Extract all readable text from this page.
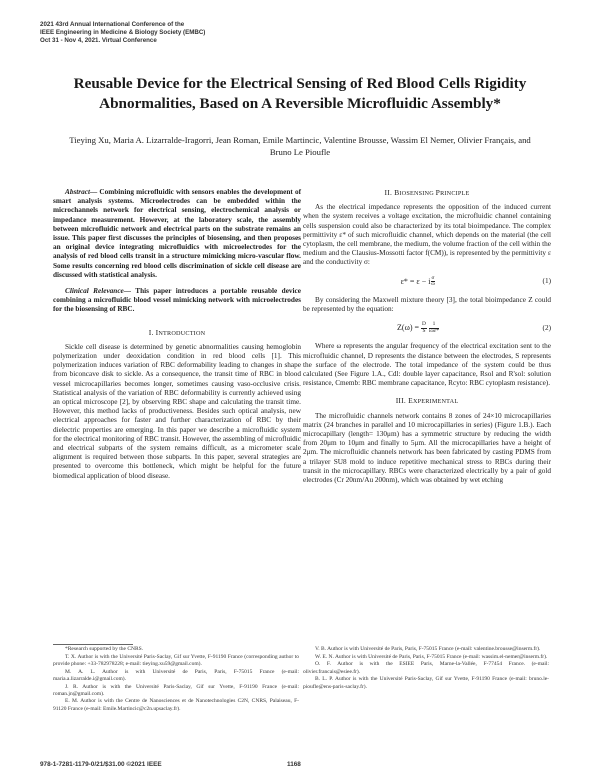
2021 43rd Annual International Conference of the
IEEE Engineering in Medicine & Biology Society (EMBC)
Oct 31 - Nov 4, 2021. Virtual Conference
Reusable Device for the Electrical Sensing of Red Blood Cells Rigidity Abnormalities, Based on A Reversible Microfluidic Assembly*
Tieying Xu, Maria A. Lizarralde-Iragorri, Jean Roman, Emile Martincic, Valentine Brousse, Wassim El Nemer, Olivier Français, and Bruno Le Pioufle

Abstract— Combining microfluidic with sensors enables the development of smart analysis systems. Microelectrodes can be embedded within the microchannels network for electrical sensing, electrochemical analysis or impedance measurement. However, at the laboratory scale, the assembly between microfluidic network and electrical parts on the substrate remains an issue. This paper first discusses the principles of biosensing, and then proposes an original device integrating microfluidics with microelectrodes for the analysis of red blood cells transit in a structure mimicking micro-vascular flow. Some results concerning red blood cells discrimination of sickle cell disease are discussed with statistical analysis.

Clinical Relevance— This paper introduces a portable reusable device combining a microfluidic blood vessel mimicking network with microelectrodes for the biosensing of RBC.

I. INTRODUCTION

Sickle cell disease is determined by genetic abnormalities causing hemoglobin polymerization under deoxidation condition in red blood cells [1]. This polymerization induces variation of RBC deformability leading to changes in shape from biconcave disk to sickle. As a consequence, the transit time of RBC in blood vessel microcapillaries becomes longer, sometimes causing vaso-occlusive crisis. Statistical analysis of the variation of RBC deformability is currently achieved using an optical microscope [2], by observing RBC shape and calculating the transit time. However, this method lacks of productiveness. Besides such optical analysis, new electrical approaches for faster and further characterization of RBC by their dielectric properties are emerging. In this paper we describe a microfluidic system for the electrical monitoring of RBC transit. However, the assembling of microfluidic and electrical subparts of the system remains difficult, as a micrometer scale alignment is required between those subparts. In this paper, several strategies are presented to overcome this bottleneck, which might be helpful for the future biomedical application of blood disease.

II. BIOSENSING PRINCIPLE

As the electrical impedance represents the opposition of the induced current when the system receives a voltage excitation, the microfluidic channel containing cells suspension could also be characterized by its total bioimpedance. The complex permittivity ε* of such microfluidic channel, which depends on the material (the cell cytoplasm, the cell membrane, the medium, the volume fraction of the cell within the medium and the Clausius-Mossotti factor f(CM)), is represented by the permittivity ε and the conductivity σ:

ε* = ε − i $\frac{\sigma}{\omega}$	(1)

By considering the Maxwell mixture theory [3], the total bioimpedance Z could be represented by the equation:

$Z(\omega) = \frac{D}{S}$
$\frac{1}{\text{iωε*}}$	(2)

Where ω represents the angular frequency of the electrical excitation sent to the microfluidic channel, D represents the distance between the electrodes, S represents the surface of the electrode. The total impedance of the system could be thus calculated (See Figure 1.A., Cdl: double layer capacitance, Rsol and R'sol: solution resistance, Cmemb: RBC membrane capacitance, Rcyto: RBC cytoplasm resistance).

III. EXPERIMENTAL

The microfluidic channels network contains 8 zones of 24×10 microcapillaries matrix (24 branches in parallel and 10 microcapillaries in series) (Figure 1.B.). Each microcapillary (length= 130μm) has a symmetric structure by reducing the width from 20μm to 10μm and finally to 5μm. All the microcapillaries have a height of 2μm. The microfluidic channels network has been fabricated by casting PDMS from a trilayer SU8 mold to induce repetitive mechanical stress to RBCs during their transit in the microcapillary. RBCs were characterized electrically by a pair of gold electrodes (Cr 20nm/Au 200nm), which was obtained by wet etching

*Research supported by the CNRS.

T. X. Author is with the Université Paris-Saclay, Gif sur Yvette, F-91190 France (corresponding author to provide phone: +33-782978228; e-mail: tieying.xu59@gmail.com).

M. A. L. Author is with Université de Paris, Paris, F-75015 France (e-mail: maria.a.lizarralde.i@gmail.com).

J. R. Author is with the Université Paris-Saclay, Gif sur Yvette, F-91190 France (e-mail: roman.jn@gmail.com).

E. M. Author is with the Centre de Nanosciences et de Nanotechnologies C2N, CNRS, Palaiseau, F-91120 France (e-mail: Emile.Martincic@c2n.upsaclay.fr).

V. B. Author is with Université de Paris, Paris, F-75015 France (e-mail: valentine.brousse@inserm.fr).

W. E. N. Author is with Université de Paris, Paris, F-75015 France (e-mail: wassim.el-nemer@inserm.fr).

O. F. Author is with the ESIEE Paris, Marne-la-Vallée, F-77454 France. (e-mail: olivier.francais@esiee.fr).

B. L. P. Author is with the Université Paris-Saclay, Gif sur Yvette, F-91190 France (e-mail: bruno.le-pioufle@ens-paris-saclay.fr).

978-1-7281-1179-0/21/$31.00 ©2021 IEEE	1168
